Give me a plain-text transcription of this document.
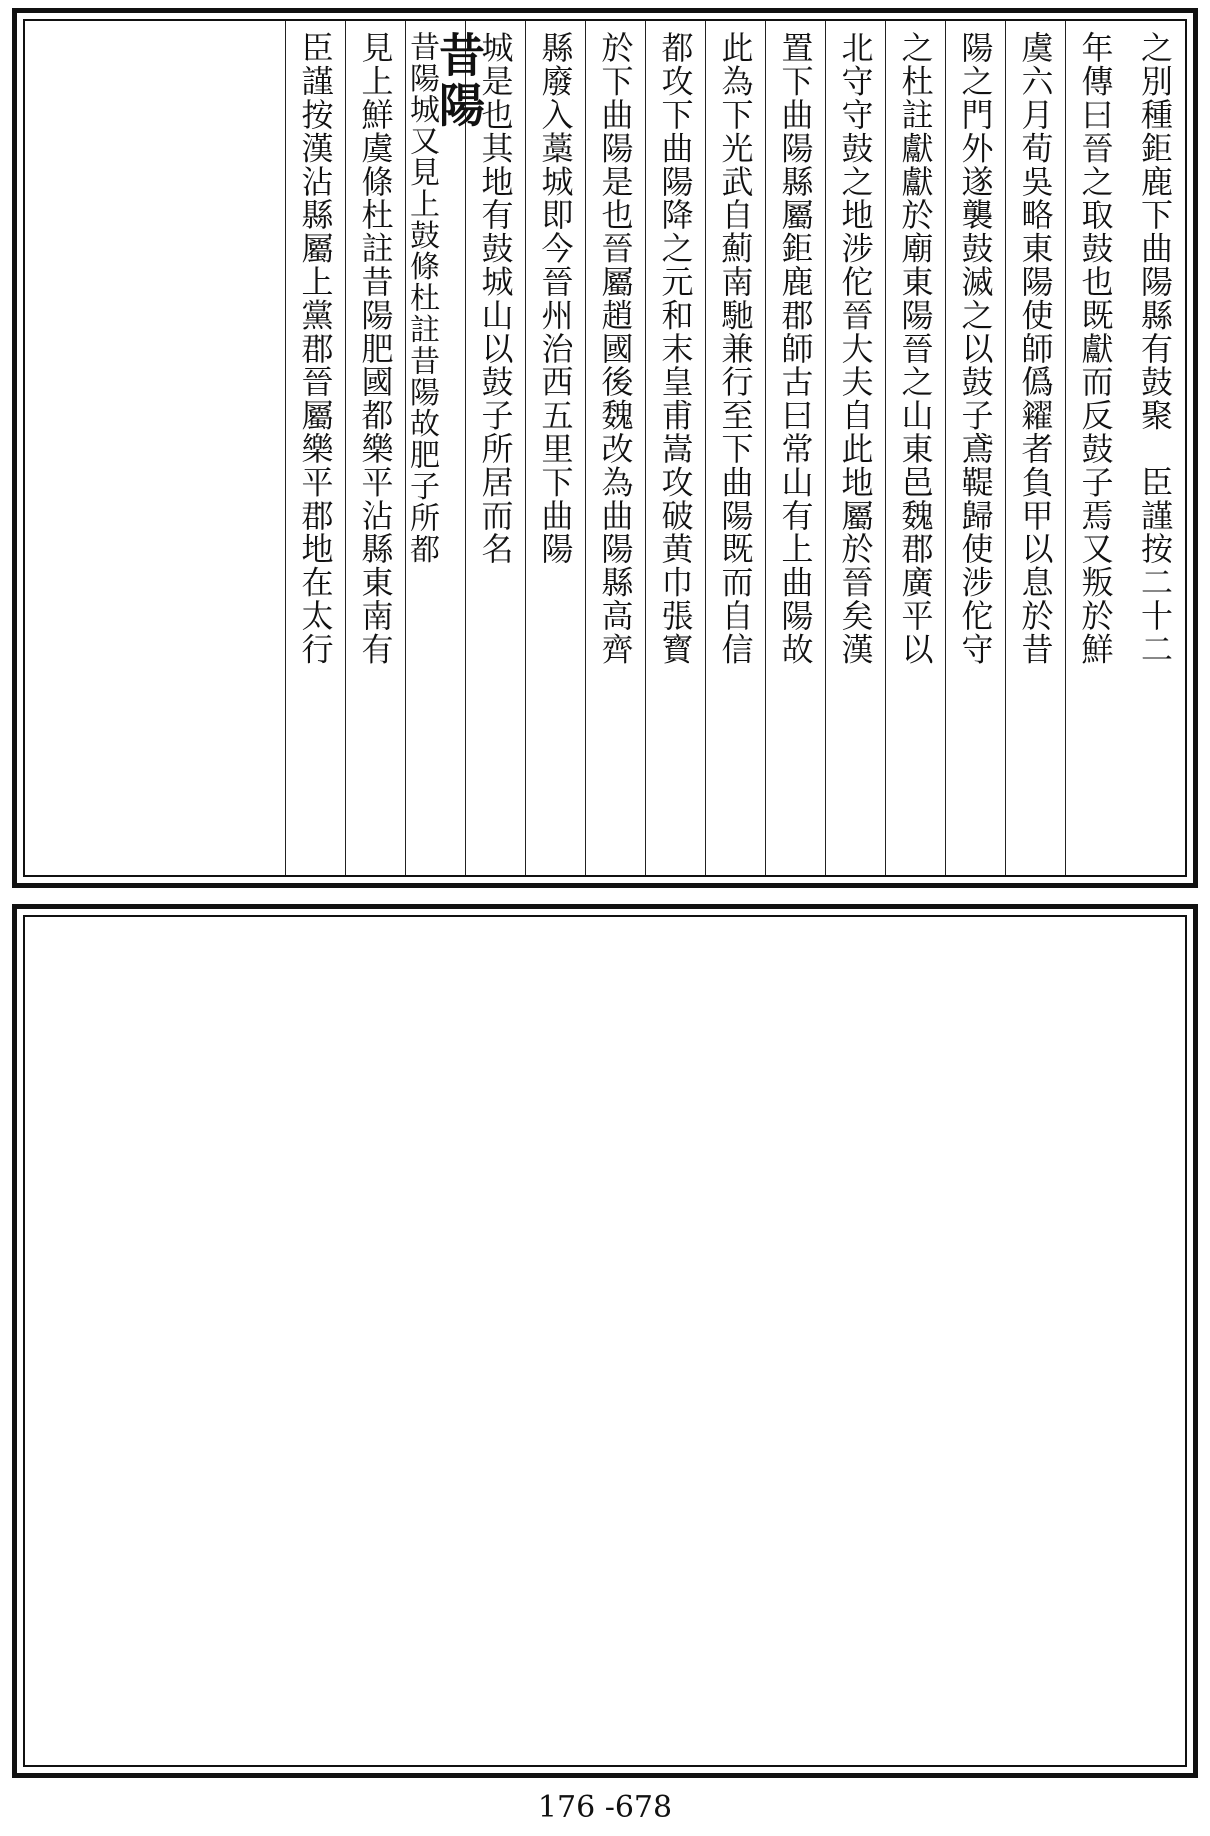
之別種鉅鹿下曲陽縣有鼓聚　臣謹按二十二
年傳曰晉之取鼓也既獻而反鼓子焉又叛於鮮
虞六月荀吳略東陽使師僞糴者負甲以息於昔
陽之門外遂襲鼓滅之以鼓子鳶鞮歸使涉佗守
之杜註獻獻於廟東陽晉之山東邑魏郡廣平以
北守守鼓之地涉佗晉大夫自此地屬於晉矣漢
置下曲陽縣屬鉅鹿郡師古曰常山有上曲陽故
此為下光武自薊南馳兼行至下曲陽既而自信
都攻下曲陽降之元和末皇甫嵩攻破黄巾張寳
於下曲陽是也晉屬趙國後魏改為曲陽縣高齊
縣廢入藁城即今晉州治西五里下曲陽
城是也其地有鼓城山以鼓子所居而名
昔陽
昔陽城又見上鼓條杜註昔陽故肥子所都
見上鮮虞條杜註昔陽肥國都樂平沾縣東南有
臣謹按漢沾縣屬上黨郡晉屬樂平郡地在太行
176 -678
